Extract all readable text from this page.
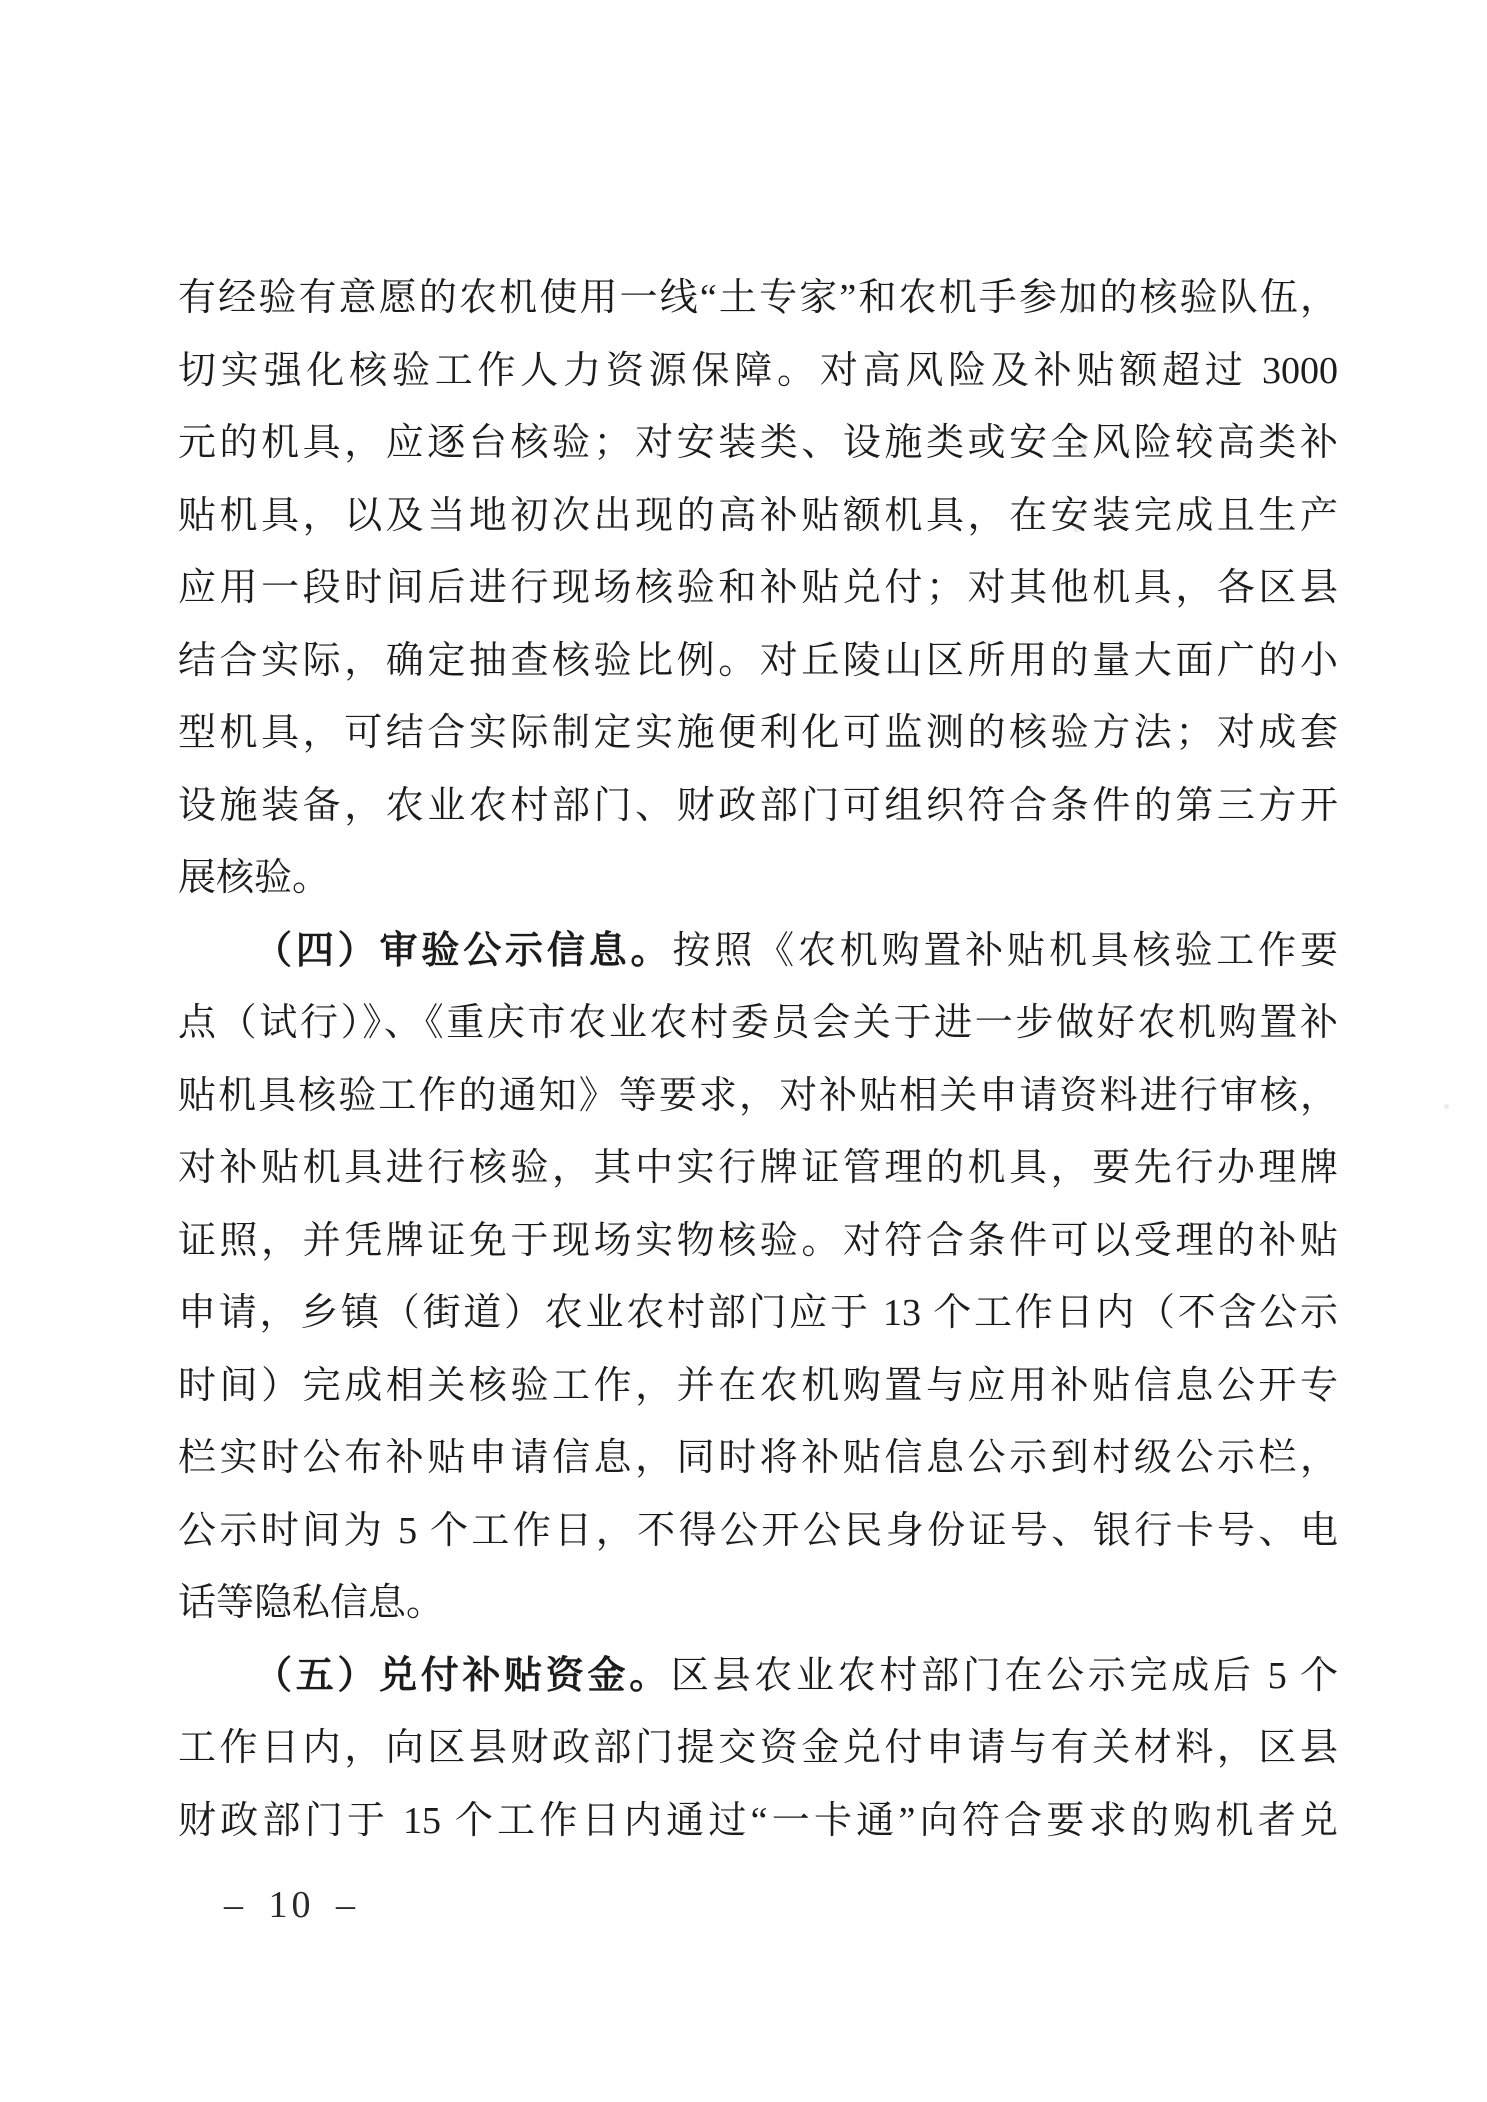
有经验有意愿的农机使用一线“土专家”和农机手参加的核验队伍，
切实强化核验工作人力资源保障。对高风险及补贴额超过 3000
元的机具，应逐台核验；对安装类、设施类或安全风险较高类补
贴机具，以及当地初次出现的高补贴额机具，在安装完成且生产
应用一段时间后进行现场核验和补贴兑付；对其他机具，各区县
结合实际，确定抽查核验比例。对丘陵山区所用的量大面广的小
型机具，可结合实际制定实施便利化可监测的核验方法；对成套
设施装备，农业农村部门、财政部门可组织符合条件的第三方开
展核验。
（四）审验公示信息。按照《农机购置补贴机具核验工作要
点（试行）》、《重庆市农业农村委员会关于进一步做好农机购置补
贴机具核验工作的通知》等要求，对补贴相关申请资料进行审核，
对补贴机具进行核验，其中实行牌证管理的机具，要先行办理牌
证照，并凭牌证免于现场实物核验。对符合条件可以受理的补贴
申请，乡镇（街道）农业农村部门应于 13 个工作日内（不含公示
时间）完成相关核验工作，并在农机购置与应用补贴信息公开专
栏实时公布补贴申请信息，同时将补贴信息公示到村级公示栏，
公示时间为 5 个工作日，不得公开公民身份证号、银行卡号、电
话等隐私信息。
（五）兑付补贴资金。区县农业农村部门在公示完成后 5 个
工作日内，向区县财政部门提交资金兑付申请与有关材料，区县
财政部门于 15 个工作日内通过“一卡通”向符合要求的购机者兑
– 10 –
